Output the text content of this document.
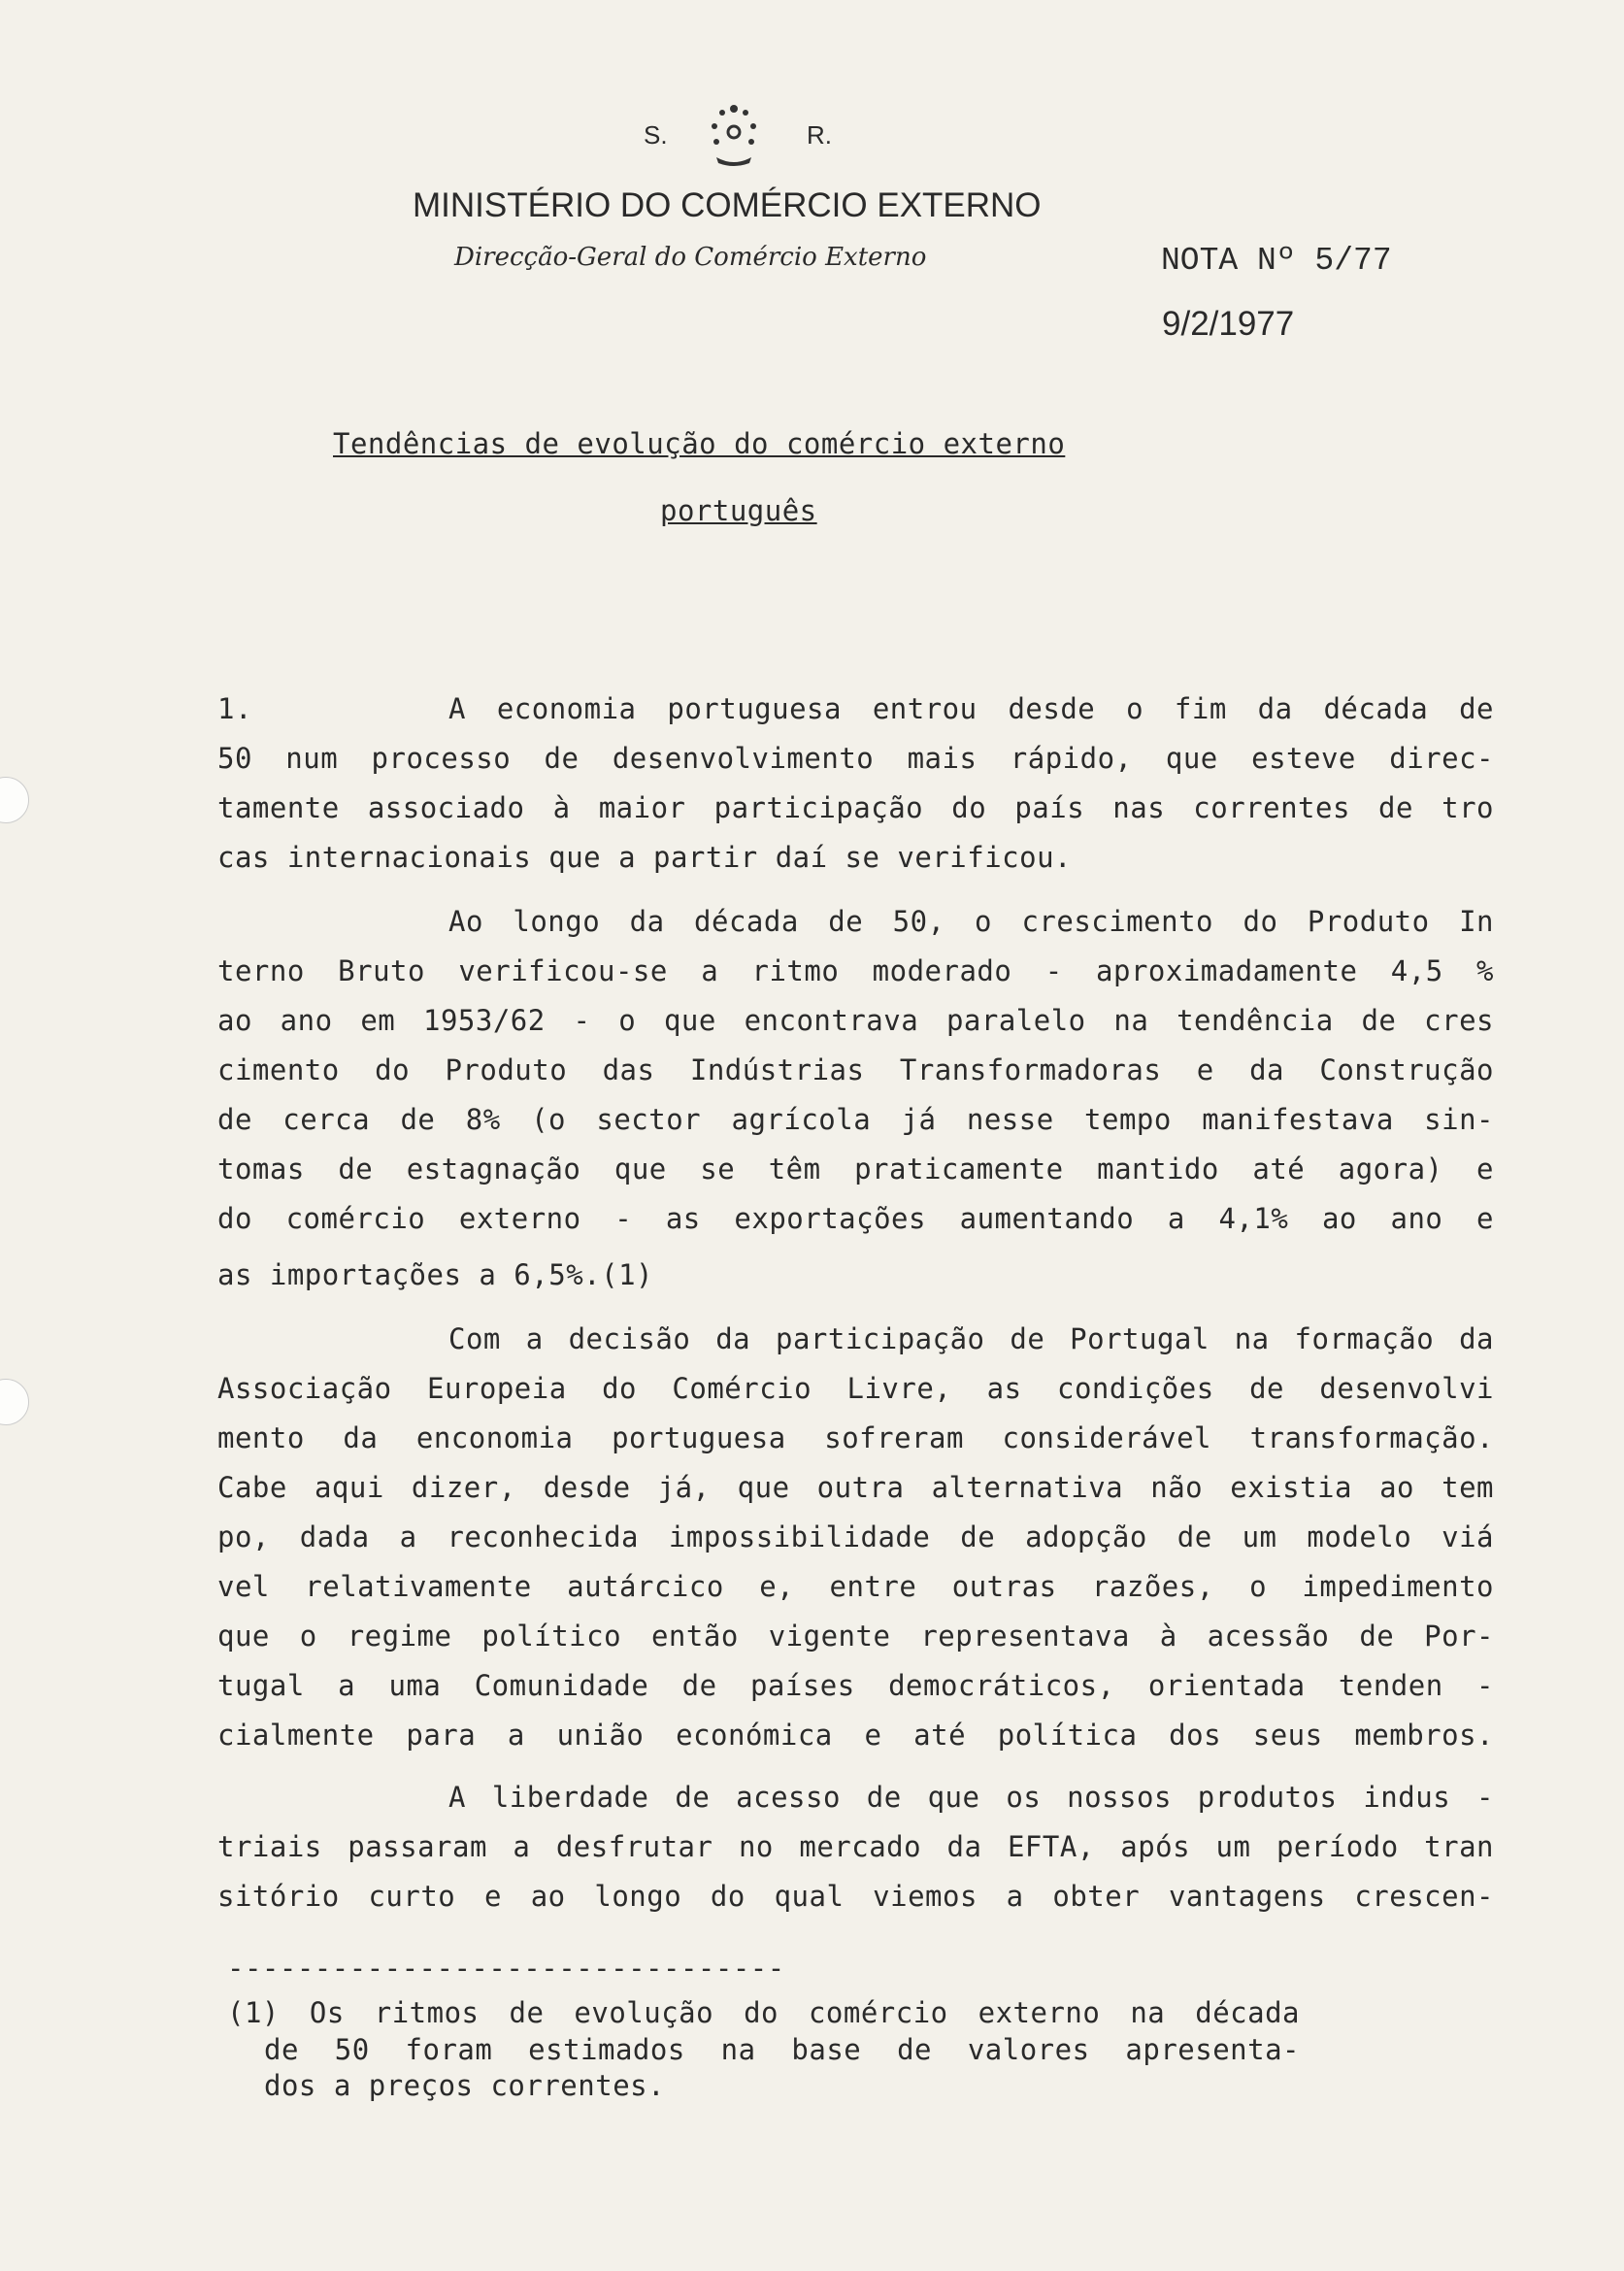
S.	R.
MINISTÉRIO DO COMÉRCIO EXTERNO
Direcção-Geral do Comércio Externo	NOTA Nº 5/77
9/2/1977
Tendências de evolução do comércio externo
português
1.	A economia portuguesa entrou desde o fim da década de
50 num processo de desenvolvimento mais rápido, que esteve direc-
tamente associado à maior participação do país nas correntes de tro
cas internacionais que a partir daí se verificou.
Ao longo da década de 50, o crescimento do Produto In
terno Bruto verificou-se a ritmo moderado - aproximadamente 4,5 %
ao ano em 1953/62 - o que encontrava paralelo na tendência de cres
cimento do Produto das Indústrias Transformadoras e da Construção
de cerca de 8% (o sector agrícola já nesse tempo manifestava sin-
tomas de estagnação que se têm praticamente mantido até agora) e
do comércio externo - as exportações aumentando a 4,1% ao ano e
as importações a 6,5%.(1)
Com a decisão da participação de Portugal na formação da
Associação Europeia do Comércio Livre, as condições de desenvolvi
mento da enconomia portuguesa sofreram considerável transformação.
Cabe aqui dizer, desde já, que outra alternativa não existia ao tem
po, dada a reconhecida impossibilidade de adopção de um modelo viá
vel relativamente autárcico e, entre outras razões, o impedimento
que o regime político então vigente representava à acessão de Por-
tugal a uma Comunidade de países democráticos, orientada tenden -
cialmente para a união económica e até política dos seus membros.
A liberdade de acesso de que os nossos produtos indus -
triais passaram a desfrutar no mercado da EFTA, após um período tran
sitório curto e ao longo do qual viemos a obter vantagens crescen-
--------------------------------
(1) Os ritmos de evolução do comércio externo na década
de 50 foram estimados na base de valores apresenta-
dos a preços correntes.
